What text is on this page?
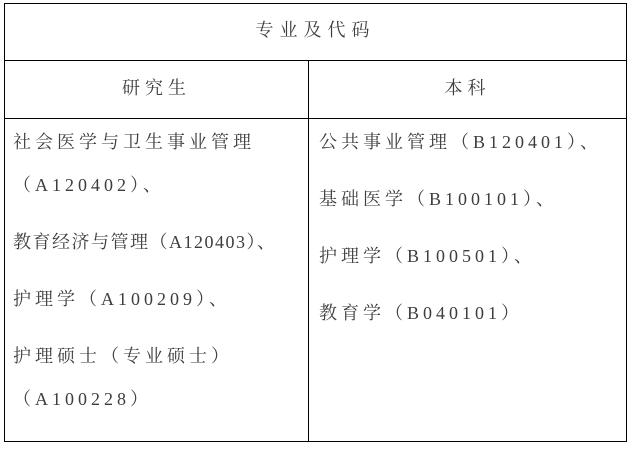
专业及代码
研究生	本科
社会医学与卫生事业管理
（A120402）、
教育经济与管理（A120403）、
护理学（A100209）、
护理硕士（专业硕士）
（A100228）
公共事业管理（B120401）、
基础医学（B100101）、
护理学（B100501）、
教育学（B040101）
